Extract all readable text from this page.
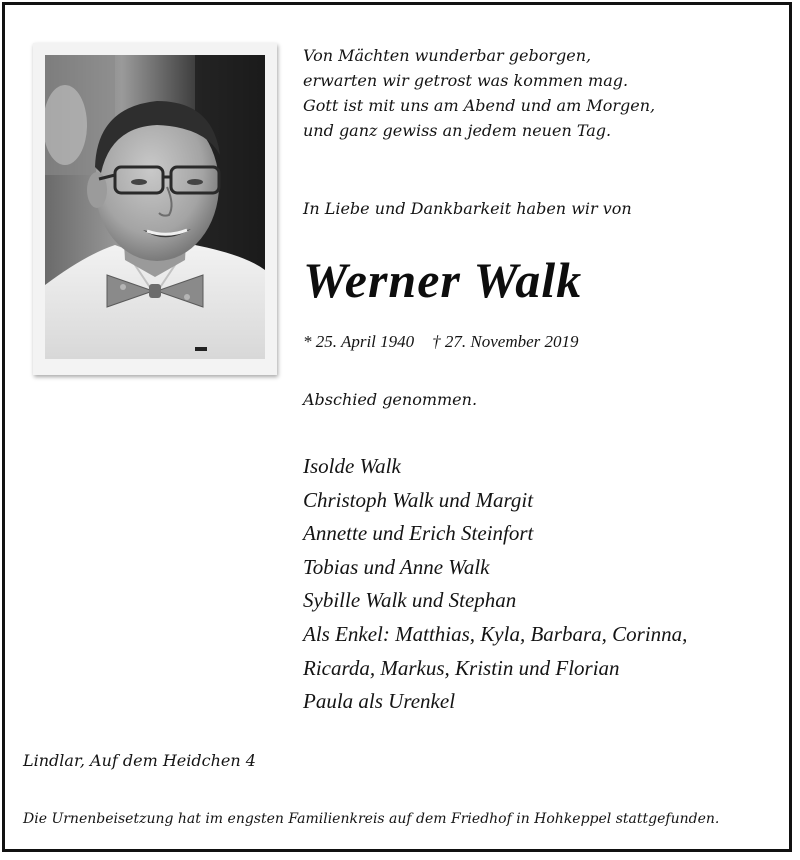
Von Mächten wunderbar geborgen,
erwarten wir getrost was kommen mag.
Gott ist mit uns am Abend und am Morgen,
und ganz gewiss an jedem neuen Tag.
In Liebe und Dankbarkeit haben wir von
Werner Walk
* 25. April 1940 † 27. November 2019
Abschied genommen.
Isolde Walk
Christoph Walk und Margit
Annette und Erich Steinfort
Tobias und Anne Walk
Sybille Walk und Stephan
Als Enkel: Matthias, Kyla, Barbara, Corinna,
Ricarda, Markus, Kristin und Florian
Paula als Urenkel
Lindlar, Auf dem Heidchen 4
Die Urnenbeisetzung hat im engsten Familienkreis auf dem Friedhof in Hohkeppel stattgefunden.
